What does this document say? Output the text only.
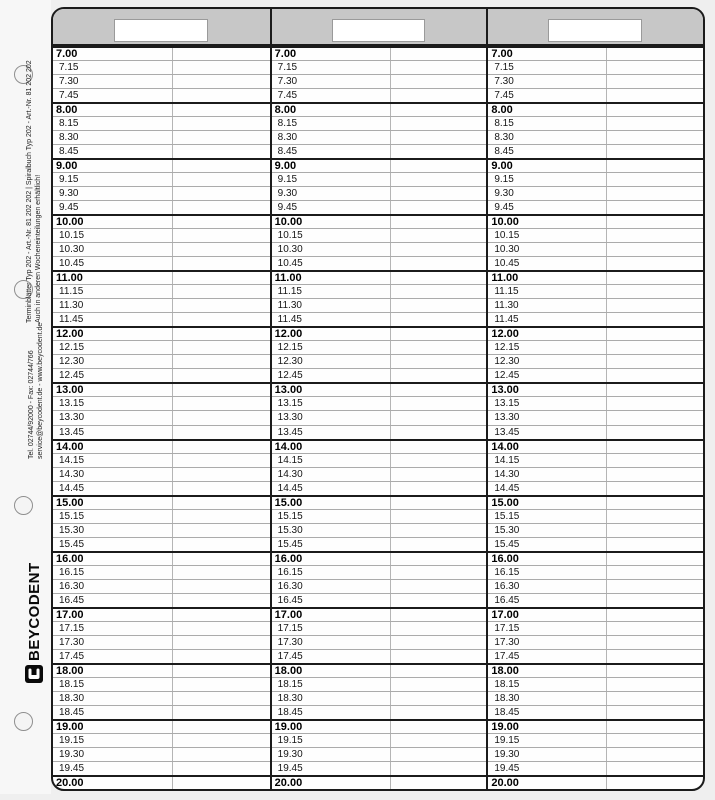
Terminblätter Typ 202 - Art.-Nr. 81 202 202 | Spiralbuch Typ 202 - Art.-Nr. 81 202 202 Auch in anderen Wocheneinteilungen erhältlich!
Tel. 02744/92000 - Fax: 02744/766 service@beycodent.de - www.beycodent.de
BEYCODENT
7.00
7.15
7.30
7.45
8.00
8.15
8.30
8.45
9.00
9.15
9.30
9.45
10.00
10.15
10.30
10.45
11.00
11.15
11.30
11.45
12.00
12.15
12.30
12.45
13.00
13.15
13.30
13.45
14.00
14.15
14.30
14.45
15.00
15.15
15.30
15.45
16.00
16.15
16.30
16.45
17.00
17.15
17.30
17.45
18.00
18.15
18.30
18.45
19.00
19.15
19.30
19.45
20.00
7.00
7.15
7.30
7.45
8.00
8.15
8.30
8.45
9.00
9.15
9.30
9.45
10.00
10.15
10.30
10.45
11.00
11.15
11.30
11.45
12.00
12.15
12.30
12.45
13.00
13.15
13.30
13.45
14.00
14.15
14.30
14.45
15.00
15.15
15.30
15.45
16.00
16.15
16.30
16.45
17.00
17.15
17.30
17.45
18.00
18.15
18.30
18.45
19.00
19.15
19.30
19.45
20.00
7.00
7.15
7.30
7.45
8.00
8.15
8.30
8.45
9.00
9.15
9.30
9.45
10.00
10.15
10.30
10.45
11.00
11.15
11.30
11.45
12.00
12.15
12.30
12.45
13.00
13.15
13.30
13.45
14.00
14.15
14.30
14.45
15.00
15.15
15.30
15.45
16.00
16.15
16.30
16.45
17.00
17.15
17.30
17.45
18.00
18.15
18.30
18.45
19.00
19.15
19.30
19.45
20.00
